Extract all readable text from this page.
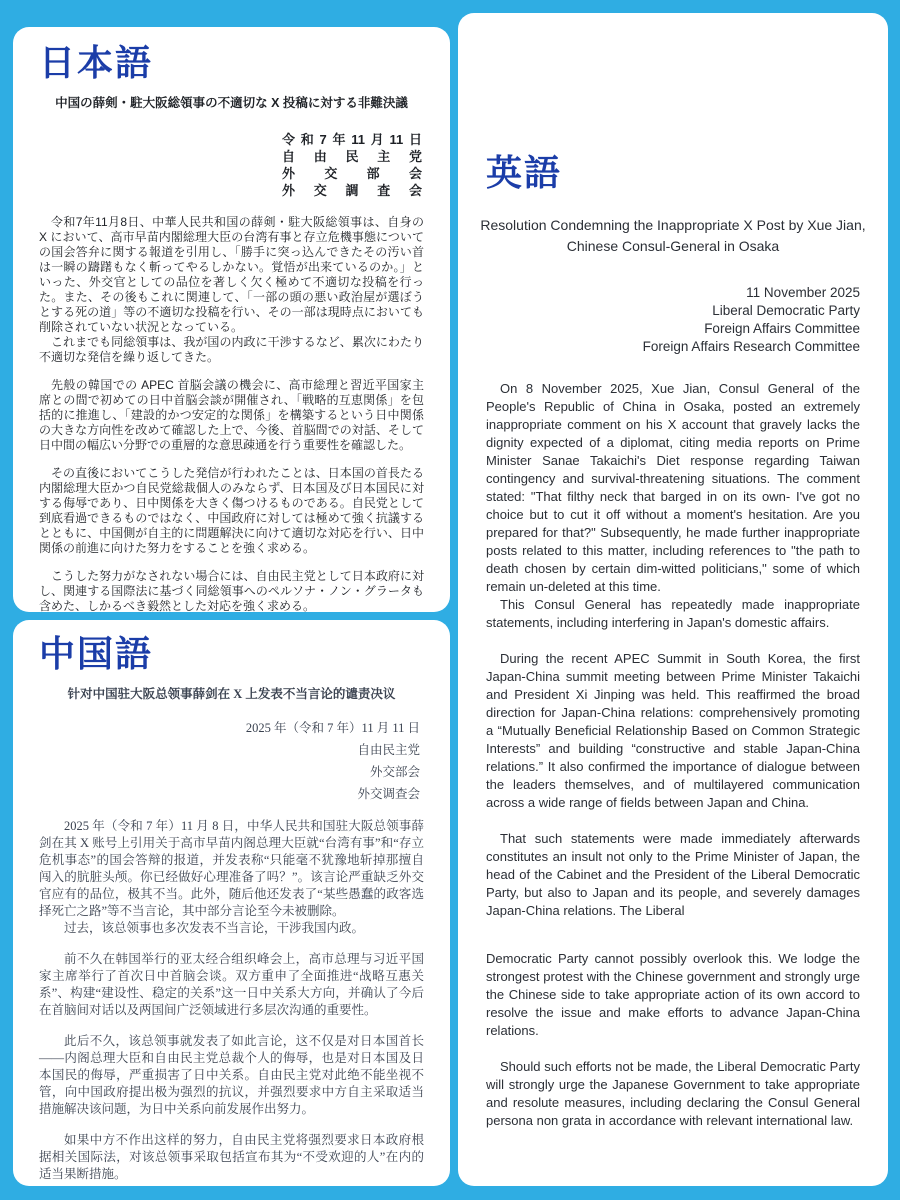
日本語
中国の薛剣・駐大阪総領事の不適切な X 投稿に対する非難決議
令和7年11月11日
自由民主党
外交部会
外交調査会

令和7年11月8日、中華人民共和国の薛剣・駐大阪総領事は、自身の X において、高市早苗内閣総理大臣の台湾有事と存立危機事態についての国会答弁に関する報道を引用し、「勝手に突っ込んできたその汚い首は一瞬の躊躇もなく斬ってやるしかない。覚悟が出来ているのか。」といった、外交官としての品位を著しく欠く極めて不適切な投稿を行った。また、その後もこれに関連して、「一部の頭の悪い政治屋が選ぼうとする死の道」等の不適切な投稿を行い、その一部は現時点においても削除されていない状況となっている。

これまでも同総領事は、我が国の内政に干渉するなど、累次にわたり不適切な発信を繰り返してきた。

先般の韓国での APEC 首脳会議の機会に、高市総理と習近平国家主席との間で初めての日中首脳会談が開催され、「戦略的互恵関係」を包括的に推進し、「建設的かつ安定的な関係」を構築するという日中関係の大きな方向性を改めて確認した上で、今後、首脳間での対話、そして日中間の幅広い分野での重層的な意思疎通を行う重要性を確認した。

その直後においてこうした発信が行われたことは、日本国の首長たる内閣総理大臣かつ自民党総裁個人のみならず、日本国及び日本国民に対する侮辱であり、日中関係を大きく傷つけるものである。自民党として到底看過できるものではなく、中国政府に対しては極めて強く抗議するとともに、中国側が自主的に問題解決に向けて適切な対応を行い、日中関係の前進に向けた努力をすることを強く求める。

こうした努力がなされない場合には、自由民主党として日本政府に対し、関連する国際法に基づく同総領事へのペルソナ・ノン・グラータも含めた、しかるべき毅然とした対応を強く求める。

中国語
针对中国驻大阪总领事薛剑在 X 上发表不当言论的谴责决议
2025 年（令和 7 年）11 月 11 日
自由民主党
外交部会
外交调查会

2025 年（令和 7 年）11 月 8 日，中华人民共和国驻大阪总领事薛剑在其 X 账号上引用关于高市早苗内阁总理大臣就“台湾有事”和“存立危机事态”的国会答辩的报道，并发表称“只能毫不犹豫地斩掉那擅自闯入的肮脏头颅。你已经做好心理准备了吗？”。该言论严重缺乏外交官应有的品位，极其不当。此外，随后他还发表了“某些愚蠢的政客选择死亡之路”等不当言论，其中部分言论至今未被删除。

过去，该总领事也多次发表不当言论，干涉我国内政。

前不久在韩国举行的亚太经合组织峰会上，高市总理与习近平国家主席举行了首次日中首脑会谈。双方重申了全面推进“战略互惠关系”、构建“建设性、稳定的关系”这一日中关系大方向，并确认了今后在首脑间对话以及两国间广泛领域进行多层次沟通的重要性。

此后不久，该总领事就发表了如此言论，这不仅是对日本国首长——内阁总理大臣和自由民主党总裁个人的侮辱，也是对日本国及日本国民的侮辱，严重损害了日中关系。自由民主党对此绝不能坐视不管，向中国政府提出极为强烈的抗议，并强烈要求中方自主采取适当措施解决该问题，为日中关系向前发展作出努力。

如果中方不作出这样的努力，自由民主党将强烈要求日本政府根据相关国际法，对该总领事采取包括宣布其为“不受欢迎的人”在内的适当果断措施。

英語
Resolution Condemning the Inappropriate X Post by Xue Jian,
Chinese Consul-General in Osaka
11 November 2025
Liberal Democratic Party
Foreign Affairs Committee
Foreign Affairs Research Committee

On 8 November 2025, Xue Jian, Consul General of the People's Republic of China in Osaka, posted an extremely inappropriate comment on his X account that gravely lacks the dignity expected of a diplomat, citing media reports on Prime Minister Sanae Takaichi's Diet response regarding Taiwan contingency and survival-threatening situations. The comment stated: "That filthy neck that barged in on its own- I've got no choice but to cut it off without a moment's hesitation. Are you prepared for that?" Subsequently, he made further inappropriate posts related to this matter, including references to "the path to death chosen by certain dim-witted politicians," some of which remain un-deleted at this time.

This Consul General has repeatedly made inappropriate statements, including interfering in Japan's domestic affairs.

During the recent APEC Summit in South Korea, the first Japan-China summit meeting between Prime Minister Takaichi and President Xi Jinping was held. This reaffirmed the broad direction for Japan-China relations: comprehensively promoting a “Mutually Beneficial Relationship Based on Common Strategic Interests” and building “constructive and stable Japan-China relations.” It also confirmed the importance of dialogue between the leaders themselves, and of multilayered communication across a wide range of fields between Japan and China.

That such statements were made immediately afterwards constitutes an insult not only to the Prime Minister of Japan, the head of the Cabinet and the President of the Liberal Democratic Party, but also to Japan and its people, and severely damages Japan-China relations. The Liberal

Democratic Party cannot possibly overlook this. We lodge the strongest protest with the Chinese government and strongly urge the Chinese side to take appropriate action of its own accord to resolve the issue and make efforts to advance Japan-China relations.

Should such efforts not be made, the Liberal Democratic Party will strongly urge the Japanese Government to take appropriate and resolute measures, including declaring the Consul General persona non grata in accordance with relevant international law.
